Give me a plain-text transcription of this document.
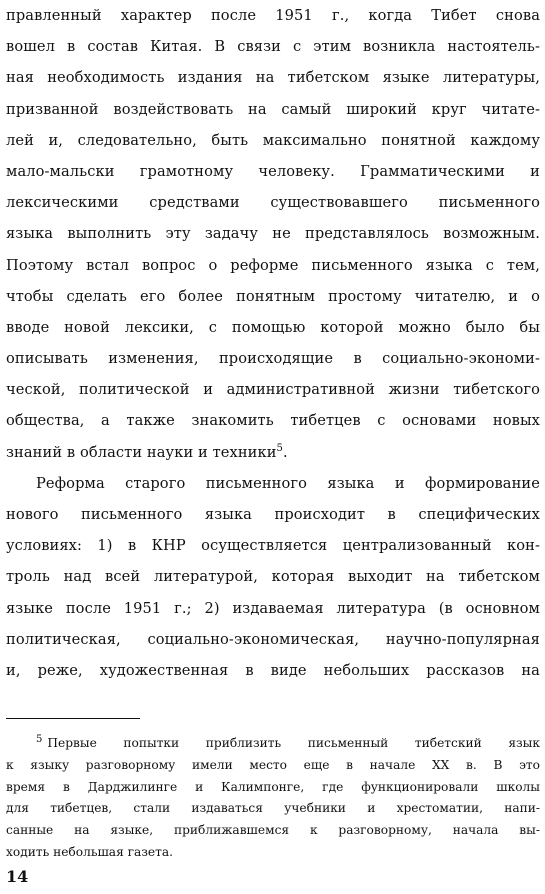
правленный характер после 1951 г., когда Тибет снова
вошел в состав Китая. В связи с этим возникла настоятель-
ная необходимость издания на тибетском языке литературы,
призванной воздействовать на самый широкий круг читате-
лей и, следовательно, быть максимально понятной каждому
мало-мальски грамотному человеку. Грамматическими и
лексическими средствами существовавшего письменного
языка выполнить эту задачу не представлялось возможным.
Поэтому встал вопрос о реформе письменного языка с тем,
чтобы сделать его более понятным простому читателю, и о
вводе новой лексики, с помощью которой можно было бы
описывать изменения, происходящие в социально-экономи-
ческой, политической и административной жизни тибетского
общества, а также знакомить тибетцев с основами новых
знаний в области науки и техники$^5$.
Реформа старого письменного языка и формирование
нового письменного языка происходит в специфических
условиях: 1) в КНР осуществляется централизованный кон-
троль над всей литературой, которая выходит на тибетском
языке после 1951 г.; 2) издаваемая литература (в основном
политическая, социально-экономическая, научно-популярная
и, реже, художественная в виде небольших рассказов на
$^5$ Первые попытки приблизить письменный тибетский язык
к языку разговорному имели место еще в начале XX в. В это
время в Дарджилинге и Калимпонге, где функционировали школы
для тибетцев, стали издаваться учебники и хрестоматии, напи-
санные на языке, приближавшемся к разговорному, начала вы-
ходить небольшая газета.
14
